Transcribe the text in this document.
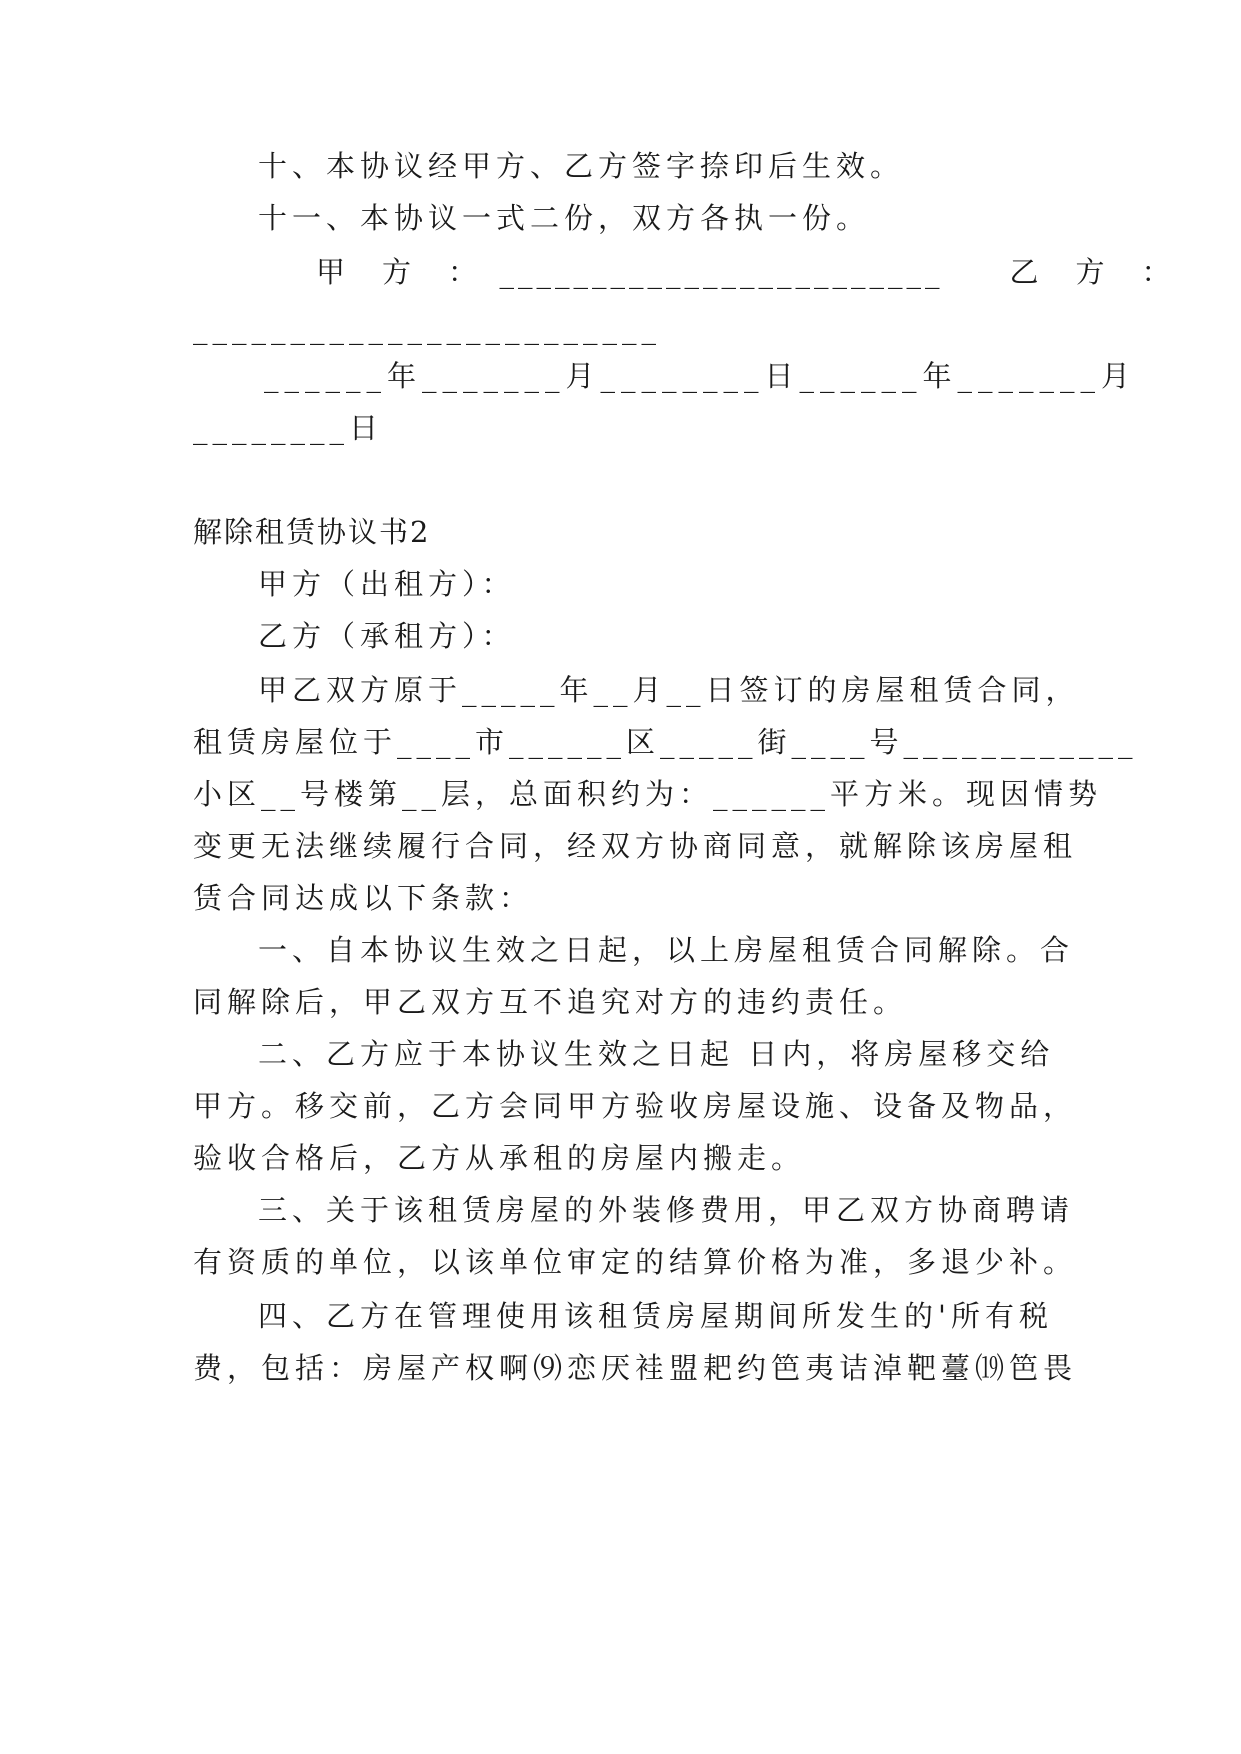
十、本协议经甲方、乙方签字捺印后生效。
十一、本协议一式二份，双方各执一份。
甲　方　：　________________________　　乙　方　：
________________________
______年_______月________日______年_______月
________日
解除租赁协议书2
甲方（出租方）：
乙方（承租方）：
甲乙双方原于_____年__月__日签订的房屋租赁合同，
租赁房屋位于____市______区_____街____号____________
小区__号楼第__层，总面积约为：______平方米。现因情势
变更无法继续履行合同，经双方协商同意，就解除该房屋租
赁合同达成以下条款：
一、自本协议生效之日起，以上房屋租赁合同解除。合
同解除后，甲乙双方互不追究对方的违约责任。
二、乙方应于本协议生效之日起 日内，将房屋移交给
甲方。移交前，乙方会同甲方验收房屋设施、设备及物品，
验收合格后，乙方从承租的房屋内搬走。
三、关于该租赁房屋的外装修费用，甲乙双方协商聘请
有资质的单位，以该单位审定的结算价格为准，多退少补。
四、乙方在管理使用该租赁房屋期间所发生的'所有税
费，包括：房屋产权啊⑼恋厌袿盟耙约笆夷诘淖靶薹⒆笆畏
